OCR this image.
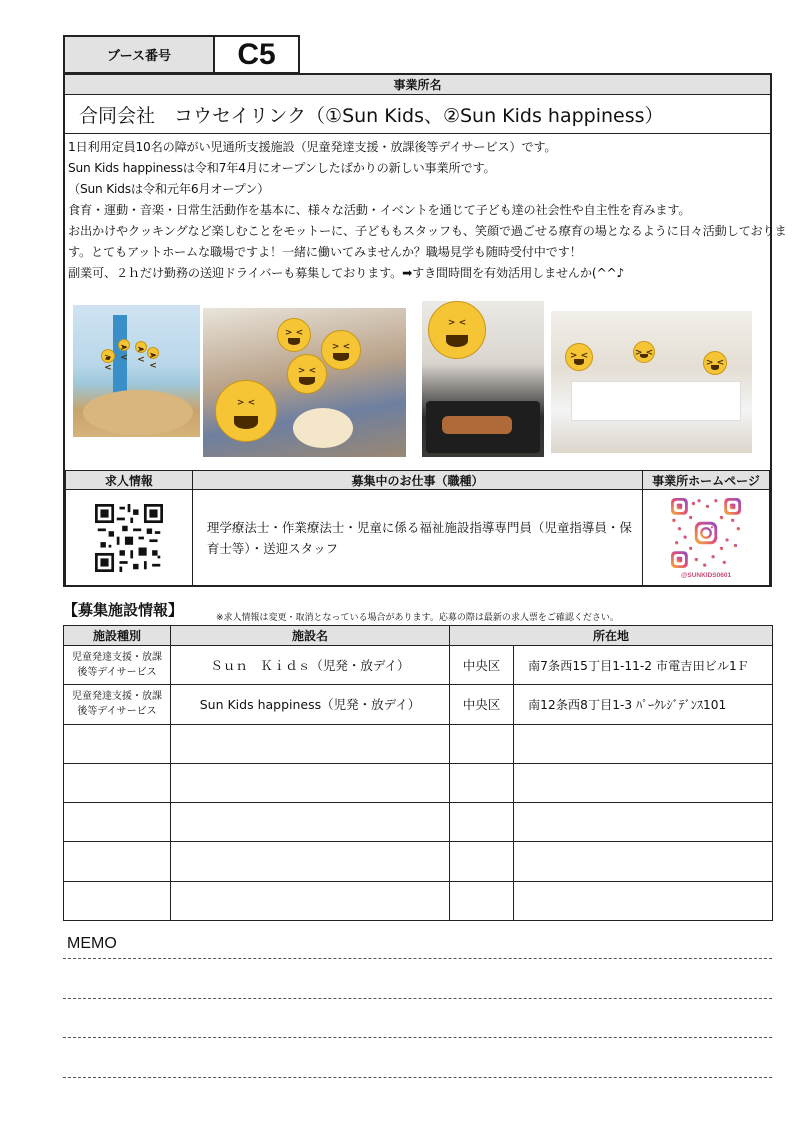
ブース番号	C5
事業所名
合同会社　コウセイリンク（①Sun Kids、②Sun Kids happiness）

1日利用定員10名の障がい児通所支援施設（児童発達支援・放課後等デイサービス）です。

Sun Kids happinessは令和7年4月にオープンしたばかりの新しい事業所です。

（Sun Kidsは令和元年6月オープン）

食育・運動・音楽・日常生活動作を基本に、様々な活動・イベントを通じて子ども達の社会性や自主性を育みます。

お出かけやクッキングなど楽しむことをモットーに、子どももスタッフも、笑顔で過ごせる療育の場となるように日々活動しておりま

す。とてもアットホームな職場ですよ！一緒に働いてみませんか？職場見学も随時受付中です！

副業可、２ｈだけ勤務の送迎ドライバーも募集しております。➡すき間時間を有効活用しませんか(^^♪

> <
> <
> <
> <
> <
> <
> <
> <
> <
> <
> <
> <
求人情報	募集中のお仕事（職種）	事業所ホームページ

	理学療法士・作業療法士・児童に係る福祉施設指導専門員（児童指導員・保育士等）・送迎スタッフ	@SUNKIDS0601
【募集施設情報】	※求人情報は変更・取消となっている場合があります。応募の際は最新の求人票をご確認ください。
施設種別	施設名	所在地	

児童発達支援・放課
後等デイサービス	Ｓｕｎ　Ｋｉｄｓ（児発・放デイ）	中央区	南7条西15丁目1-11-2 市電吉田ビル1Ｆ

児童発達支援・放課
後等デイサービス	Sun Kids happiness（児発・放デイ）	中央区	南12条西8丁目1-3 ﾊﾟｰｸﾚｼﾞﾃﾞﾝｽ101

MEMO
